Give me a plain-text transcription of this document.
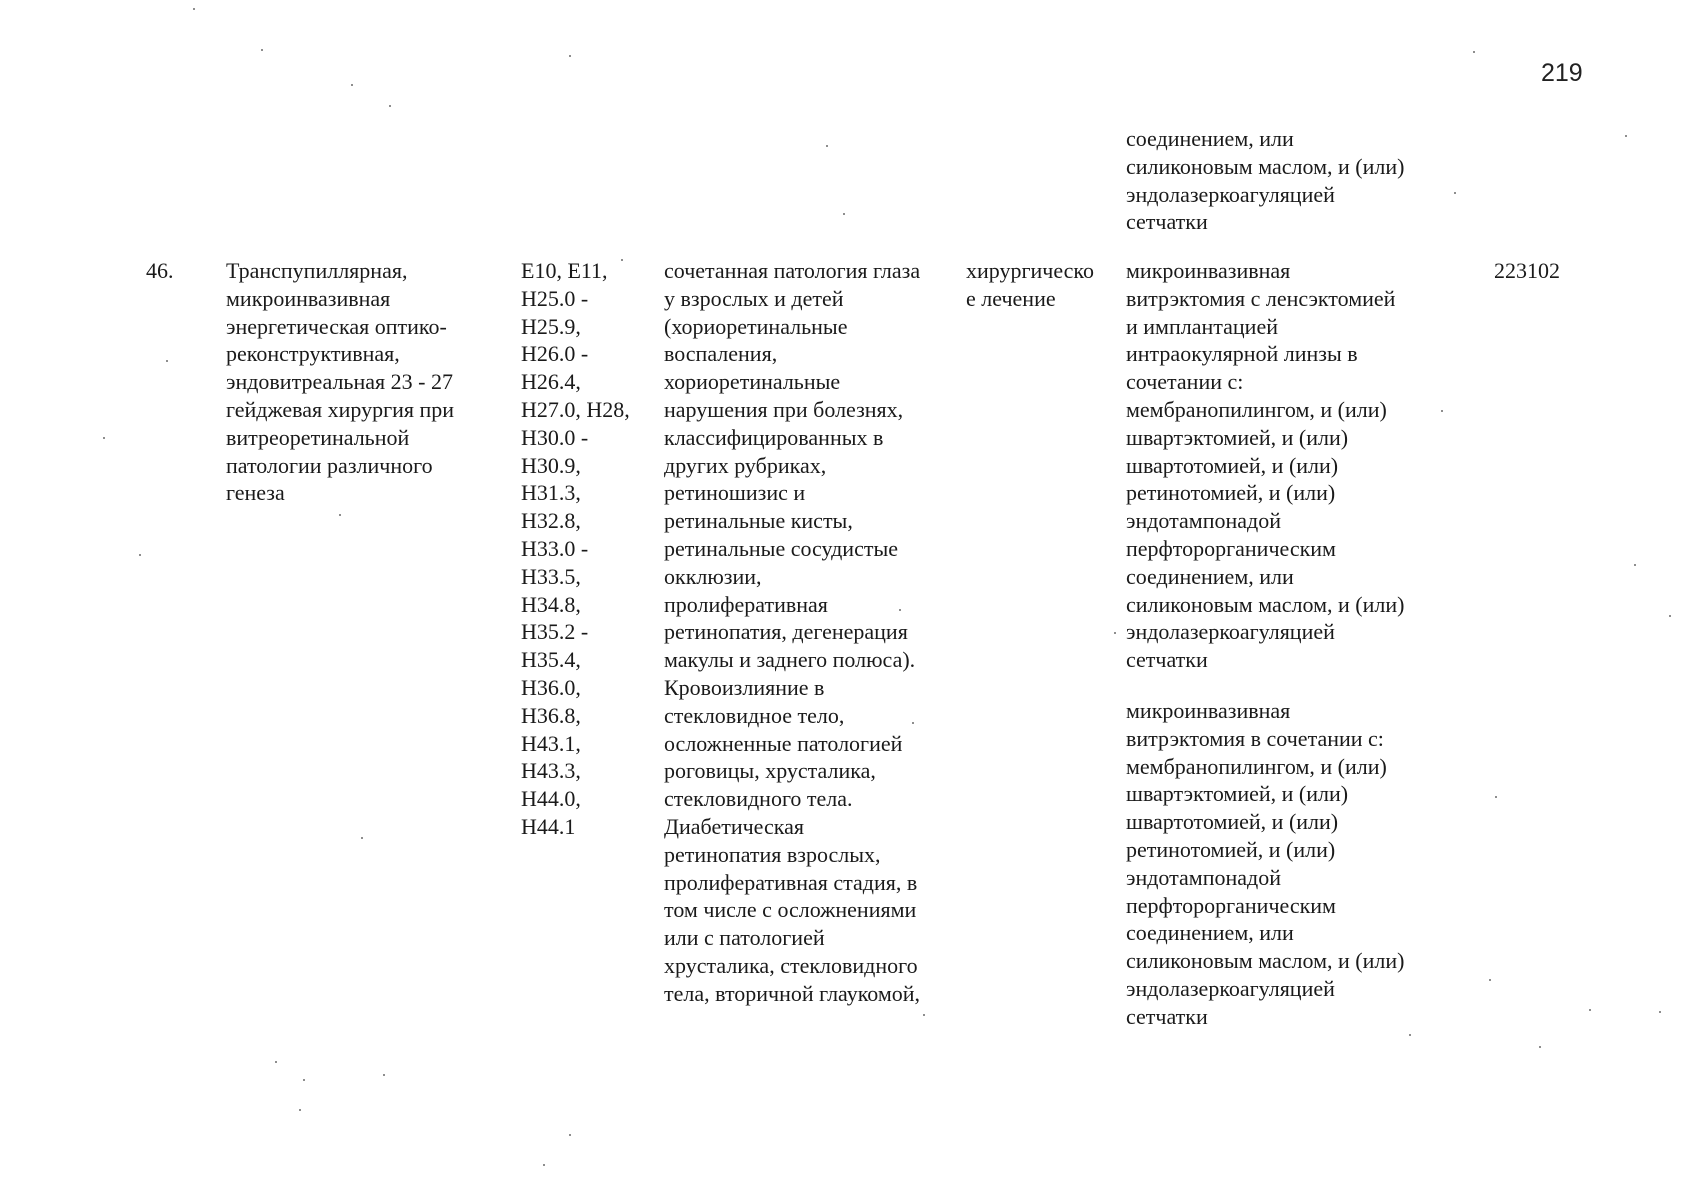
219
соединением, или
силиконовым маслом, и (или)
эндолазеркоагуляцией
сетчатки
46. Транспупиллярная,
микроинвазивная
энергетическая оптико-
реконструктивная,
эндовитреальная 23 - 27
гейджевая хирургия при
витреоретинальной
патологии различного
генеза
E10, E11,
H25.0 -
H25.9,
H26.0 -
H26.4,
H27.0, H28,
H30.0 -
H30.9,
H31.3,
H32.8,
H33.0 -
H33.5,
H34.8,
H35.2 -
H35.4,
H36.0,
H36.8,
H43.1,
H43.3,
H44.0,
H44.1
сочетанная патология глаза
у взрослых и детей
(хориоретинальные
воспаления,
хориоретинальные
нарушения при болезнях,
классифицированных в
других рубриках,
ретиношизис и
ретинальные кисты,
ретинальные сосудистые
окклюзии,
пролиферативная
ретинопатия, дегенерация
макулы и заднего полюса).
Кровоизлияние в
стекловидное тело,
осложненные патологией
роговицы, хрусталика,
стекловидного тела.
Диабетическая
ретинопатия взрослых,
пролиферативная стадия, в
том числе с осложнениями
или с патологией
хрусталика, стекловидного
тела, вторичной глаукомой,
хирургическо
е лечение
микроинвазивная
витрэктомия с ленсэктомией
и имплантацией
интраокулярной линзы в
сочетании с:
мембранопилингом, и (или)
швартэктомией, и (или)
швартотомией, и (или)
ретинотомией, и (или)
эндотампонадой
перфторорганическим
соединением, или
силиконовым маслом, и (или)
эндолазеркоагуляцией
сетчатки
микроинвазивная
витрэктомия в сочетании с:
мембранопилингом, и (или)
швартэктомией, и (или)
швартотомией, и (или)
ретинотомией, и (или)
эндотампонадой
перфторорганическим
соединением, или
силиконовым маслом, и (или)
эндолазеркоагуляцией
сетчатки
223102
